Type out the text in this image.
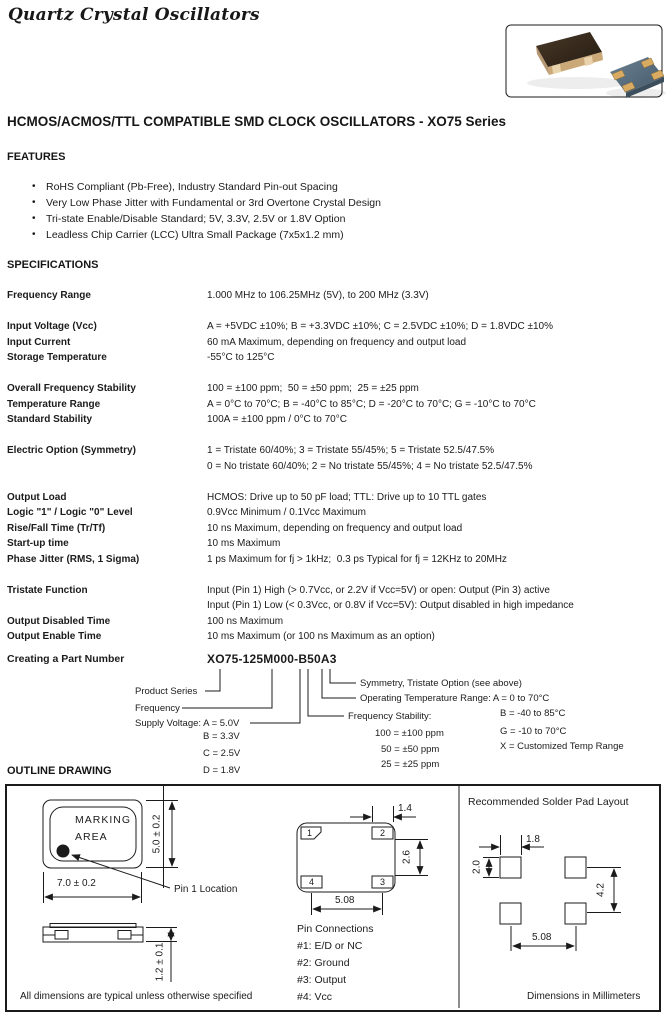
Quartz Crystal Oscillators
HCMOS/ACMOS/TTL COMPATIBLE SMD CLOCK OSCILLATORS - XO75 Series
FEATURES
• RoHS Compliant (Pb-Free), Industry Standard Pin-out Spacing
• Very Low Phase Jitter with Fundamental or 3rd Overtone Crystal Design
• Tri-state Enable/Disable Standard; 5V, 3.3V, 2.5V or 1.8V Option
• Leadless Chip Carrier (LCC) Ultra Small Package (7x5x1.2 mm)
SPECIFICATIONS
Frequency Range	1.000 MHz to 106.25MHz (5V), to 200 MHz (3.3V)
Input Voltage (Vcc)	A = +5VDC ±10%; B = +3.3VDC ±10%; C = 2.5VDC ±10%; D = 1.8VDC ±10%
Input Current	60 mA Maximum, depending on frequency and output load
Storage Temperature	-55°C to 125°C
Overall Frequency Stability	100 = ±100 ppm;  50 = ±50 ppm;  25 = ±25 ppm
Temperature Range	A = 0°C to 70°C; B = -40°C to 85°C; D = -20°C to 70°C; G = -10°C to 70°C
Standard Stability	100A = ±100 ppm / 0°C to 70°C
Electric Option (Symmetry)	1 = Tristate 60/40%; 3 = Tristate 55/45%; 5 = Tristate 52.5/47.5%
0 = No tristate 60/40%; 2 = No tristate 55/45%; 4 = No tristate 52.5/47.5%
Output Load	HCMOS: Drive up to 50 pF load; TTL: Drive up to 10 TTL gates
Logic "1" / Logic "0" Level	0.9Vcc Minimum / 0.1Vcc Maximum
Rise/Fall Time (Tr/Tf)	10 ns Maximum, depending on frequency and output load
Start-up time	10 ms Maximum
Phase Jitter (RMS, 1 Sigma)	1 ps Maximum for fj > 1kHz;  0.3 ps Typical for fj = 12KHz to 20MHz
Tristate Function	Input (Pin 1) High (> 0.7Vcc, or 2.2V if Vcc=5V) or open: Output (Pin 3) active
Input (Pin 1) Low (< 0.3Vcc, or 0.8V if Vcc=5V): Output disabled in high impedance
Output Disabled Time	100 ns Maximum
Output Enable Time	10 ms Maximum (or 100 ns Maximum as an option)
Creating a Part Number	XO75-125M000-B50A3
Product Series
Frequency
Supply Voltage: A = 5.0V
B = 3.3V
C = 2.5V
D = 1.8V
Symmetry, Tristate Option (see above)
Operating Temperature Range: A = 0 to 70°C
B = -40 to 85°C
G = -10 to 70°C
X = Customized Temp Range
Frequency Stability:
100 = ±100 ppm
50 = ±50 ppm
25 = ±25 ppm
OUTLINE DRAWING
MARKING
AREA	5.0 ± 0.2
7.0 ± 0.2
Pin 1 Location
1.2 ± 0.1
All dimensions are typical unless otherwise specified
1.4
2.6
5.08
1	2
3
4
Pin Connections
#1: E/D or NC
#2: Ground
#3: Output
#4: Vcc
Recommended Solder Pad Layout
1.8
2.0
4.2
5.08
Dimensions in Millimeters
